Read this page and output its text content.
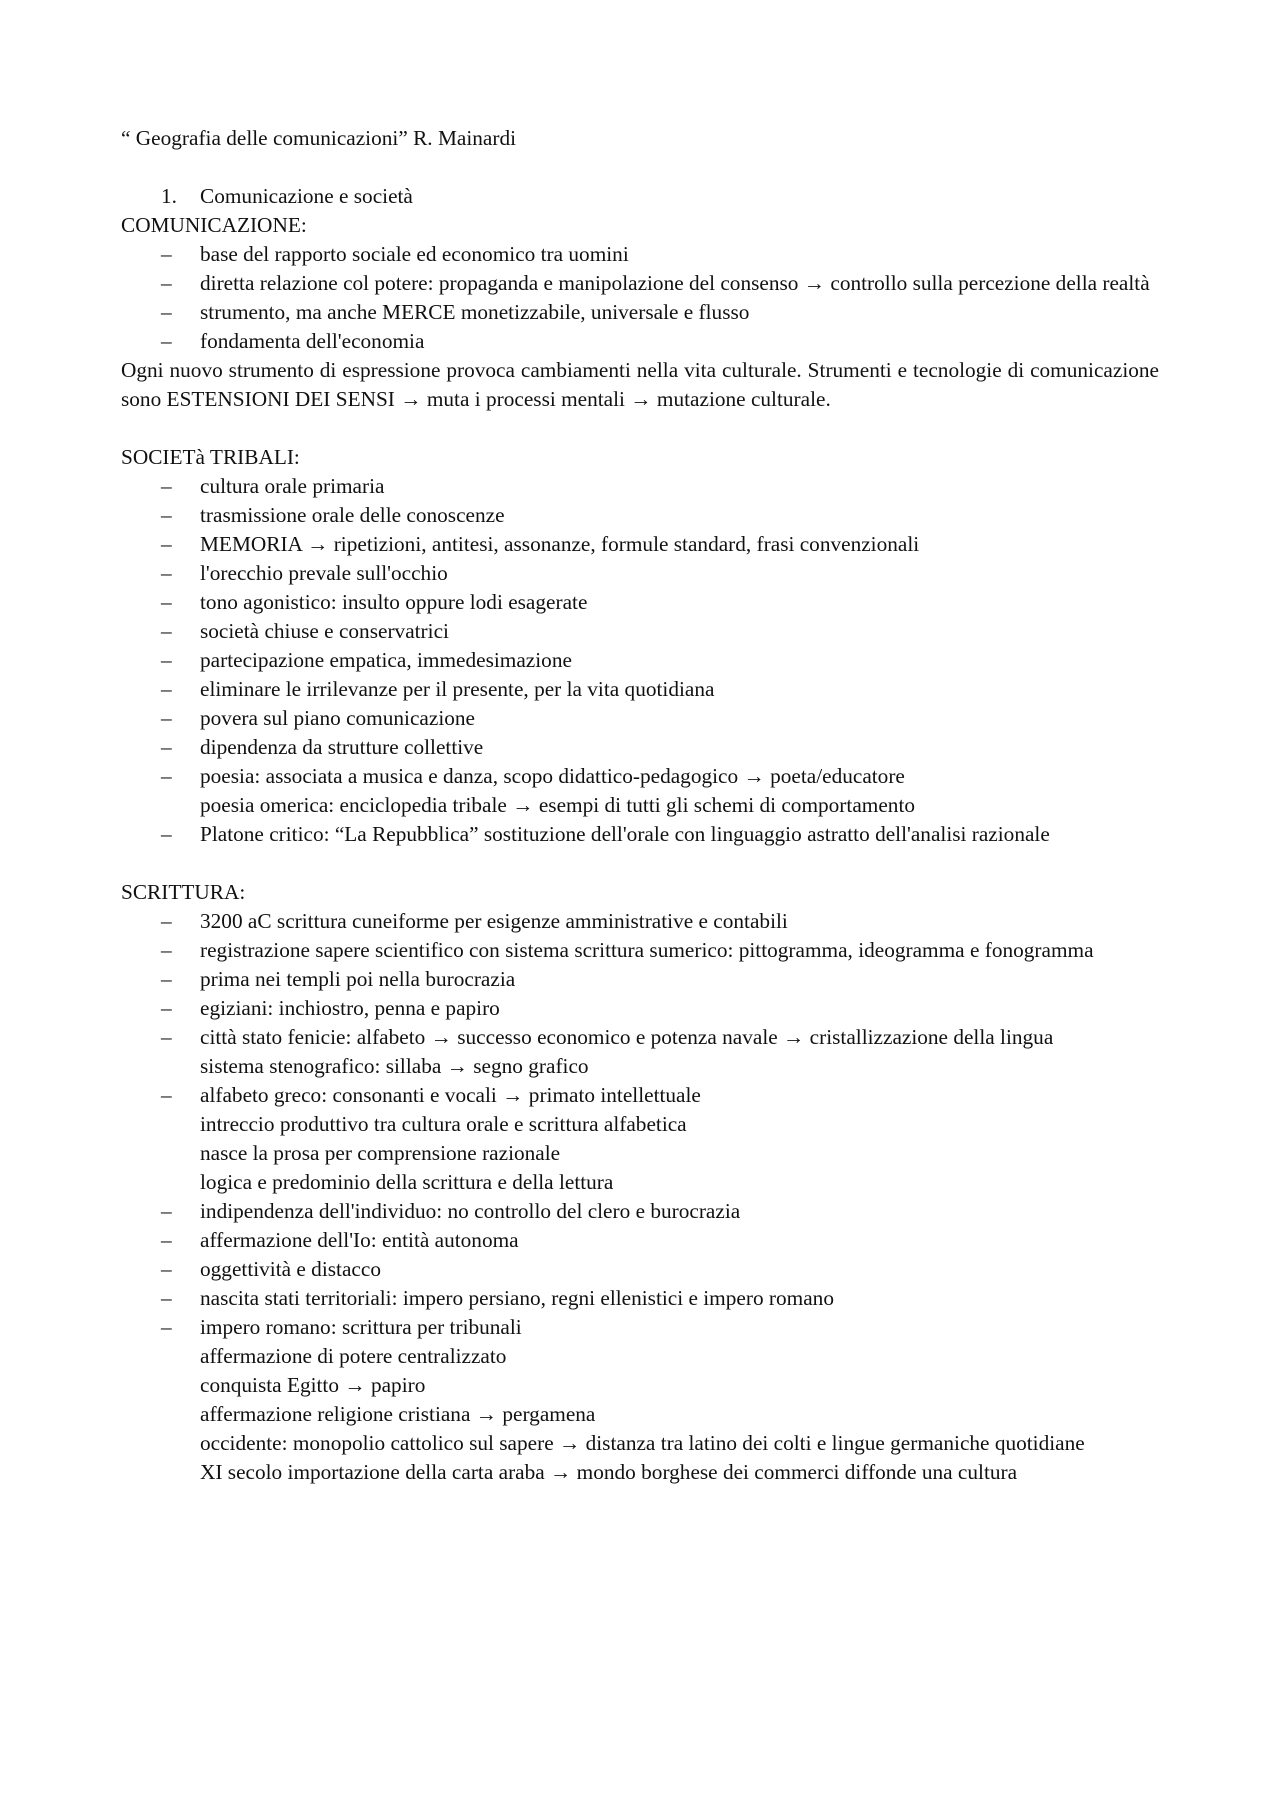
“ Geografia delle comunicazioni” R. Mainardi
1. Comunicazione e società
COMUNICAZIONE:
– base del rapporto sociale ed economico tra uomini
– diretta relazione col potere: propaganda e manipolazione del consenso → controllo sulla percezione della realtà
– strumento, ma anche MERCE monetizzabile, universale e flusso
– fondamenta dell'economia
Ogni nuovo strumento di espressione provoca cambiamenti nella vita culturale. Strumenti e tecnologie di comunicazione sono ESTENSIONI DEI SENSI → muta i processi mentali → mutazione culturale.
SOCIETà TRIBALI:
– cultura orale primaria
– trasmissione orale delle conoscenze
– MEMORIA → ripetizioni, antitesi, assonanze, formule standard, frasi convenzionali
– l'orecchio prevale sull'occhio
– tono agonistico: insulto oppure lodi esagerate
– società chiuse e conservatrici
– partecipazione empatica, immedesimazione
– eliminare le irrilevanze per il presente, per la vita quotidiana
– povera sul piano comunicazione
– dipendenza da strutture collettive
– poesia: associata a musica e danza, scopo didattico-pedagogico → poeta/educatore
poesia omerica: enciclopedia tribale → esempi di tutti gli schemi di comportamento
– Platone critico: “La Repubblica” sostituzione dell'orale con linguaggio astratto dell'analisi razionale
SCRITTURA:
– 3200 aC scrittura cuneiforme per esigenze amministrative e contabili
– registrazione sapere scientifico con sistema scrittura sumerico: pittogramma, ideogramma e fonogramma
– prima nei templi poi nella burocrazia
– egiziani: inchiostro, penna e papiro
– città stato fenicie: alfabeto → successo economico e potenza navale → cristallizzazione della lingua
sistema stenografico: sillaba → segno grafico
– alfabeto greco: consonanti e vocali → primato intellettuale
intreccio produttivo tra cultura orale e scrittura alfabetica
nasce la prosa per comprensione razionale
logica e predominio della scrittura e della lettura
– indipendenza dell'individuo: no controllo del clero e burocrazia
– affermazione dell'Io: entità autonoma
– oggettività e distacco
– nascita stati territoriali: impero persiano, regni ellenistici e impero romano
– impero romano: scrittura per tribunali
affermazione di potere centralizzato
conquista Egitto → papiro
affermazione religione cristiana → pergamena
occidente: monopolio cattolico sul sapere → distanza tra latino dei colti e lingue germaniche quotidiane
XI secolo importazione della carta araba → mondo borghese dei commerci diffonde una cultura
